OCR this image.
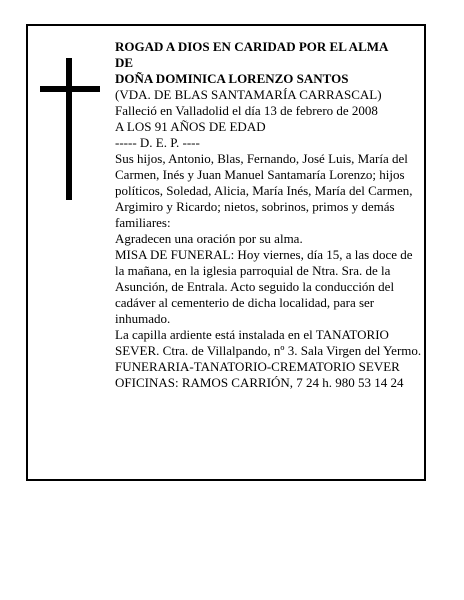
ROGAD A DIOS EN CARIDAD POR EL ALMA
DE
DOÑA DOMINICA LORENZO SANTOS
(VDA. DE BLAS SANTAMARÍA CARRASCAL)
Falleció en Valladolid el día 13 de febrero de 2008
A LOS 91 AÑOS DE EDAD
----- D. E. P. ----

Sus hijos, Antonio, Blas, Fernando, José Luis, María del Carmen, Inés y Juan Manuel Santamaría Lorenzo; hijos políticos, Soledad, Alicia, María Inés, María del Carmen, Argimiro y Ricardo; nietos, sobrinos, primos y demás familiares:

Agradecen una oración por su alma.

MISA DE FUNERAL: Hoy viernes, día 15, a las doce de la mañana, en la iglesia parroquial de Ntra. Sra. de la Asunción, de Entrala. Acto seguido la conducción del cadáver al cementerio de dicha localidad, para ser inhumado.

La capilla ardiente está instalada en el TANATORIO SEVER. Ctra. de Villalpando, nº 3. Sala Virgen del Yermo.

FUNERARIA-TANATORIO-CREMATORIO SEVER
OFICINAS: RAMOS CARRIÓN, 7 24 h. 980 53 14 24
